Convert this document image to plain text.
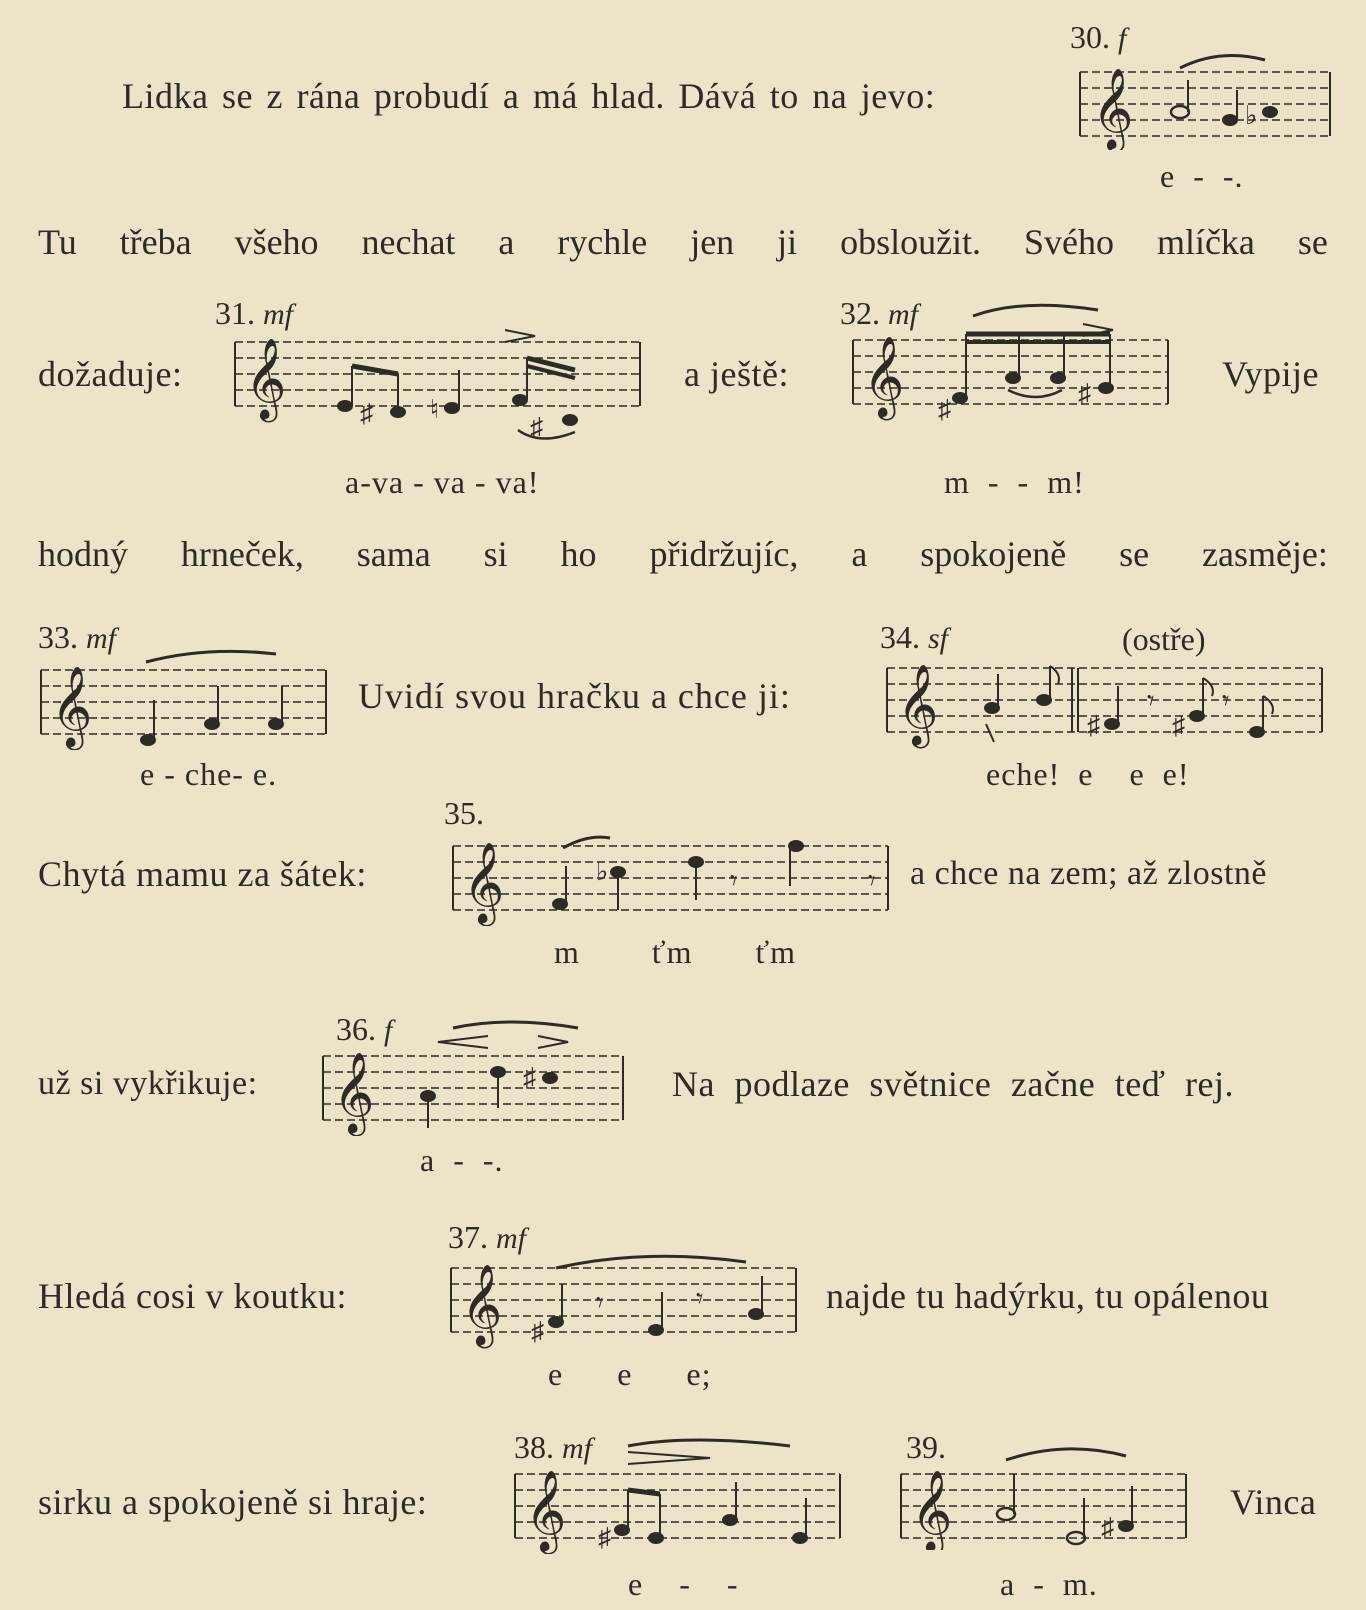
Lidka se z rána probudí a má hlad. Dává to na jevo:
30. f
𝄞	♭
e  -  -.
Tu třeba všeho nechat a rychle jen ji obsloužit. Svého mlíčka se
dožaduje:
31. mf
𝄞	♯ ♮
♯
a-va - va - va!
a ještě:
32. mf
𝄞 ♯
♯
m  -  -  m!
Vypije
hodný hrneček, sama si ho přidržujíc, a spokojeně se zasměje:
33. mf
𝄞
e - che- e.
Uvidí svou hračku a chce ji:
34. sf	(ostře)
𝄞	♯
𝄾
♯
𝄾
eche!  e    e  e!
35.
Chytá mamu za šátek: 𝄞	♭	𝄾	𝄾 a chce na zem; až zlostně
m        ťm       ťm
36. f
𝄞	♯
už si vykřikuje:	Na podlaze světnice začne teď rej.
a  -  -.
37. mf
𝄞 ♯
𝄾	𝄾
Hledá cosi v koutku:	najde tu hadýrku, tu opálenou
e      e      e;
38. mf	39.
sirku a spokojeně si hraje: 𝄞 ♯
e    -    -
𝄞	♯
a  -  m.
Vinca
